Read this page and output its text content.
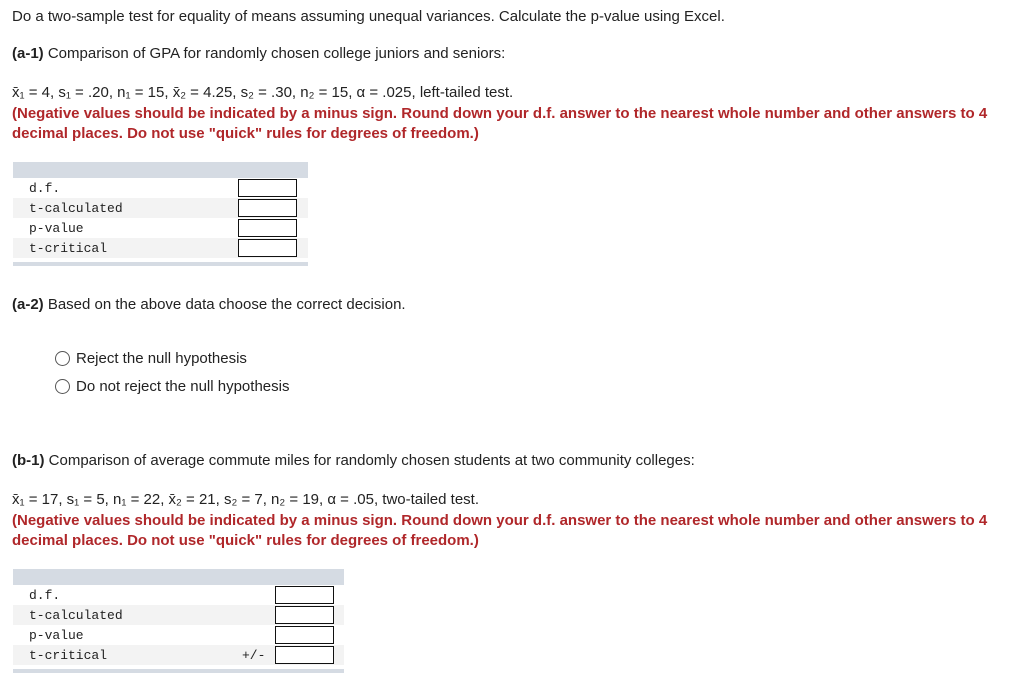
Do a two-sample test for equality of means assuming unequal variances. Calculate the p-value using Excel.
(a-1) Comparison of GPA for randomly chosen college juniors and seniors:
x̄₁ = 4, s₁ = .20, n₁ = 15, x̄₂ = 4.25, s₂ = .30, n₂ = 15, α = .025, left-tailed test.
(Negative values should be indicated by a minus sign. Round down your d.f. answer to the nearest whole number and other answers to 4 decimal places. Do not use "quick" rules for degrees of freedom.)
d.f.
t-calculated
p-value
t-critical
(a-2) Based on the above data choose the correct decision.
Reject the null hypothesis
Do not reject the null hypothesis
(b-1) Comparison of average commute miles for randomly chosen students at two community colleges:
x̄₁ = 17, s₁ = 5, n₁ = 22, x̄₂ = 21, s₂ = 7, n₂ = 19, α = .05, two-tailed test.
(Negative values should be indicated by a minus sign. Round down your d.f. answer to the nearest whole number and other answers to 4 decimal places. Do not use "quick" rules for degrees of freedom.)
d.f.
t-calculated
p-value
t-critical	+/-
